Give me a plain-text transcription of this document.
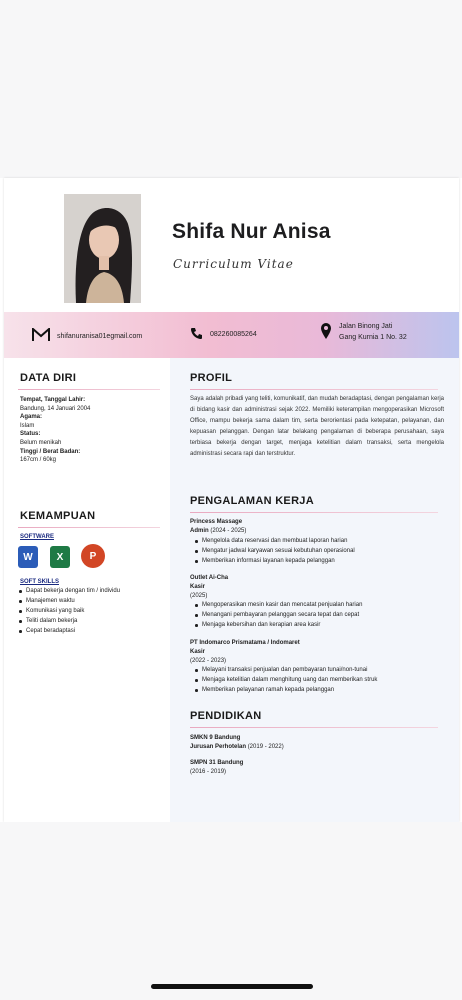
Shifa Nur Anisa
Curriculum Vitae
shifanuranisa01egmail.com	082260085264
Jalan Binong Jati
Gang Kurnia 1 No. 32
DATA DIRI
Tempat, Tanggal Lahir:
Bandung, 14 Januari 2004
Agama:
Islam
Status:
Belum menikah
Tinggi / Berat Badan:
167cm / 60kg
KEMAMPUAN
SOFTWARE
W	X	P
SOFT SKILLS
Dapat bekerja dengan tim / individu
Manajemen waktu
Komunikasi yang baik
Teliti dalam bekerja
Cepat beradaptasi
PROFIL
Saya adalah pribadi yang teliti, komunikatif, dan mudah beradaptasi, dengan pengalaman kerja di bidang kasir dan administrasi sejak 2022. Memiliki keterampilan mengoperasikan Microsoft Office, mampu bekerja sama dalam tim, serta berorientasi pada ketepatan, pelayanan, dan kepuasan pelanggan. Dengan latar belakang pengalaman di beberapa perusahaan, saya terbiasa bekerja dengan target, menjaga ketelitian dalam transaksi, serta mengelola administrasi secara rapi dan terstruktur.
PENGALAMAN KERJA
Princess Massage
Admin (2024 - 2025)
Mengelola data reservasi dan membuat laporan harian
Mengatur jadwal karyawan sesuai kebutuhan operasional
Memberikan informasi layanan kepada pelanggan
Outlet Ai-Cha
Kasir
(2025)
Mengoperasikan mesin kasir dan mencatat penjualan harian
Menangani pembayaran pelanggan secara tepat dan cepat
Menjaga kebersihan dan kerapian area kasir
PT Indomarco Prismatama / Indomaret
Kasir
(2022 - 2023)
Melayani transaksi penjualan dan pembayaran tunai/non-tunai
Menjaga ketelitian dalam menghitung uang dan memberikan struk
Memberikan pelayanan ramah kepada pelanggan
PENDIDIKAN
SMKN 9 Bandung
Jurusan Perhotelan (2019 - 2022)
SMPN 31 Bandung
(2016 - 2019)
